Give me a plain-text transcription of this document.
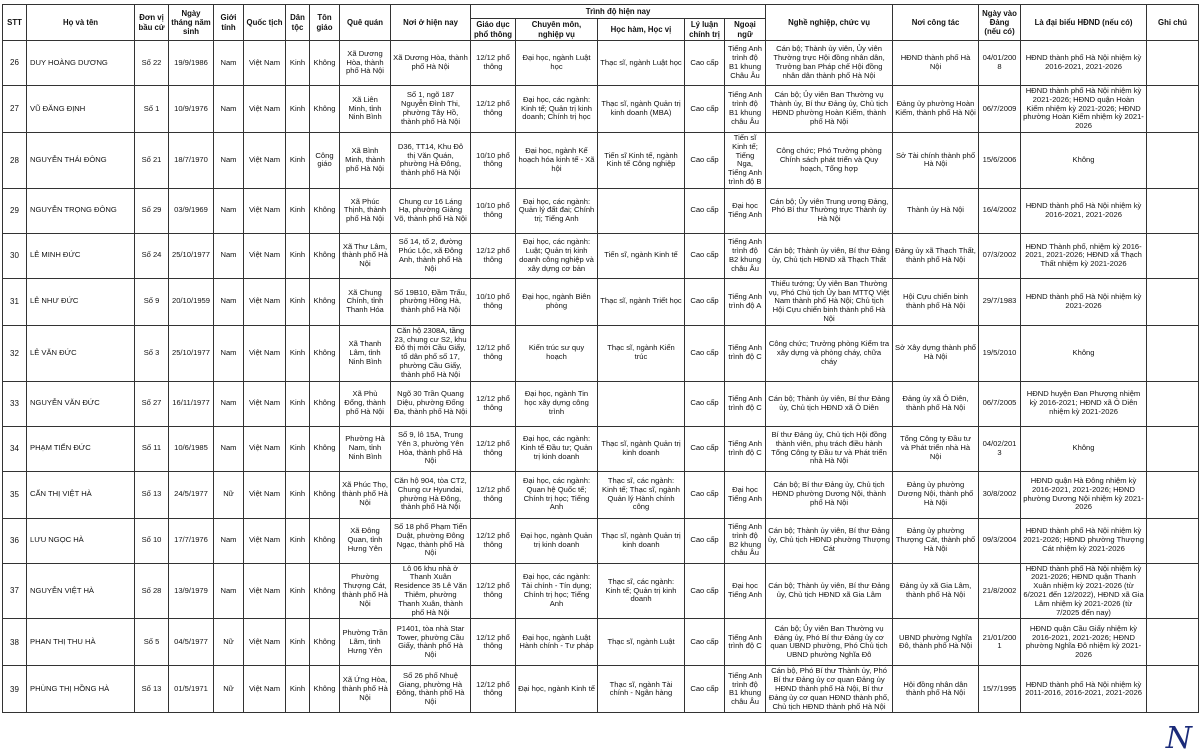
STT	Họ và tên	Đơn vị bầu cử	Ngày tháng năm sinh	Giới tính	Quốc tịch	Dân tộc	Tôn giáo	Quê quán	Nơi ở hiện nay	Trình độ hiện nay					Nghề nghiệp, chức vụ	Nơi công tác	Ngày vào Đảng (nếu có)	Là đại biểu HĐND (nếu có)	Ghi chú
										Giáo dục phổ thông	Chuyên môn, nghiệp vụ	Học hàm, Học vị	Lý luận chính trị	Ngoại ngữ					
26	DUY HOÀNG DƯƠNG	Số 22	19/9/1986	Nam	Việt Nam	Kinh	Không	Xã Dương Hòa, thành phố Hà Nội	Xã Dương Hòa, thành phố Hà Nội	12/12 phổ thông	Đại học, ngành Luật học	Thạc sĩ, ngành Luật học	Cao cấp	Tiếng Anh trình độ B1 khung Châu Âu	Cán bộ; Thành ủy viên, Ủy viên Thường trực Hội đồng nhân dân, Trưởng ban Pháp chế Hội đồng nhân dân thành phố Hà Nội	HĐND thành phố Hà Nội	04/01/2008	HĐND thành phố Hà Nội nhiệm kỳ 2016-2021, 2021-2026	
27	VŨ ĐĂNG ĐỊNH	Số 1	10/9/1976	Nam	Việt Nam	Kinh	Không	Xã Liên Minh, tỉnh Ninh Bình	Số 1, ngõ 187 Nguyễn Đình Thi, phường Tây Hồ, thành phố Hà Nội	12/12 phổ thông	Đại học, các ngành: Kinh tế; Quản trị kinh doanh; Chính trị học	Thạc sĩ, ngành Quản trị kinh doanh (MBA)	Cao cấp	Tiếng Anh trình độ B1 khung châu Âu	Cán bộ; Ủy viên Ban Thường vụ Thành ủy, Bí thư Đảng ủy, Chủ tịch HĐND phường Hoàn Kiếm, thành phố Hà Nội	Đảng ủy phường Hoàn Kiếm, thành phố Hà Nội	06/7/2009	HĐND thành phố Hà Nội nhiệm kỳ 2021-2026; HĐND quận Hoàn Kiếm nhiệm kỳ 2021-2026; HĐND phường Hoàn Kiếm nhiệm kỳ 2021-2026	
28	NGUYỄN THÁI ĐÔNG	Số 21	18/7/1970	Nam	Việt Nam	Kinh	Công giáo	Xã Bình Minh, thành phố Hà Nội	D36, TT14, Khu Đô thị Văn Quán, phường Hà Đông, thành phố Hà Nội	10/10 phổ thông	Đại học, ngành Kế hoạch hóa kinh tế - Xã hội	Tiến sĩ Kinh tế, ngành Kinh tế Công nghiệp	Cao cấp	Tiến sĩ Kinh tế; Tiếng Nga, Tiếng Anh trình độ B	Công chức; Phó Trưởng phòng Chính sách phát triển và Quy hoạch, Tổng hợp	Sở Tài chính thành phố Hà Nội	15/6/2006	Không	
29	NGUYỄN TRỌNG ĐÔNG	Số 29	03/9/1969	Nam	Việt Nam	Kinh	Không	Xã Phúc Thịnh, thành phố Hà Nội	Chung cư 16 Láng Hạ, phường Giảng Võ, thành phố Hà Nội	10/10 phổ thông	Đại học, các ngành: Quản lý đất đai; Chính trị; Tiếng Anh		Cao cấp	Đại học Tiếng Anh	Cán bộ; Ủy viên Trung ương Đảng, Phó Bí thư Thường trực Thành ủy Hà Nội	Thành ủy Hà Nội	16/4/2002	HĐND thành phố Hà Nội nhiệm kỳ 2016-2021, 2021-2026	
30	LÊ MINH ĐỨC	Số 24	25/10/1977	Nam	Việt Nam	Kinh	Không	Xã Thư Lâm, thành phố Hà Nội	Số 14, tổ 2, đường Phúc Lộc, xã Đông Anh, thành phố Hà Nội	12/12 phổ thông	Đại học, các ngành: Luật; Quản trị kinh doanh công nghiệp và xây dựng cơ bản	Tiến sĩ, ngành Kinh tế	Cao cấp	Tiếng Anh trình độ B2 khung châu Âu	Cán bộ; Thành ủy viên, Bí thư Đảng ủy, Chủ tịch HĐND xã Thạch Thất	Đảng ủy xã Thạch Thất, thành phố Hà Nội	07/3/2002	HĐND Thành phố, nhiệm kỳ 2016-2021, 2021-2026; HĐND xã Thạch Thất nhiệm kỳ 2021-2026	
31	LÊ NHƯ ĐỨC	Số 9	20/10/1959	Nam	Việt Nam	Kinh	Không	Xã Chung Chính, tỉnh Thanh Hóa	Số 19B10, Đầm Trấu, phường Hồng Hà, thành phố Hà Nội	10/10 phổ thông	Đại học, ngành Biên phòng	Thạc sĩ, ngành Triết học	Cao cấp	Tiếng Anh trình độ A	Thiếu tướng; Ủy viên Ban Thường vụ, Phó Chủ tịch Ủy ban MTTQ Việt Nam thành phố Hà Nội; Chủ tịch Hội Cựu chiến binh thành phố Hà Nội	Hội Cựu chiến binh thành phố Hà Nội	29/7/1983	HĐND thành phố Hà Nội nhiệm kỳ 2021-2026	
32	LÊ VĂN ĐỨC	Số 3	25/10/1977	Nam	Việt Nam	Kinh	Không	Xã Thanh Lâm, tỉnh Ninh Bình	Căn hộ 2308A, tầng 23, chung cư S2, khu Đô thị mới Cầu Giấy, tổ dân phố số 17, phường Cầu Giấy, thành phố Hà Nội	12/12 phổ thông	Kiến trúc sư quy hoạch	Thạc sĩ, ngành Kiến trúc	Cao cấp	Tiếng Anh trình độ C	Công chức; Trưởng phòng Kiểm tra xây dựng và phòng cháy, chữa cháy	Sở Xây dựng thành phố Hà Nội	19/5/2010	Không	
33	NGUYỄN VĂN ĐỨC	Số 27	16/11/1977	Nam	Việt Nam	Kinh	Không	Xã Phù Đổng, thành phố Hà Nội	Ngõ 30 Trần Quang Diệu, phường Đống Đa, thành phố Hà Nội	12/12 phổ thông	Đại học, ngành Tin học xây dựng công trình		Cao cấp	Tiếng Anh trình độ C	Cán bộ; Thành ủy viên, Bí thư Đảng ủy, Chủ tịch HĐND xã Ô Diên	Đảng ủy xã Ô Diên, thành phố Hà Nội	06/7/2005	HĐND huyện Đan Phượng nhiệm kỳ 2016-2021; HĐND xã Ô Diên nhiệm kỳ 2021-2026	
34	PHẠM TIẾN ĐỨC	Số 11	10/6/1985	Nam	Việt Nam	Kinh	Không	Phường Hà Nam, tỉnh Ninh Bình	Số 9, lô 15A, Trung Yên 3, phường Yên Hòa, thành phố Hà Nội	12/12 phổ thông	Đại học, các ngành: Kinh tế Đầu tư; Quản trị kinh doanh	Thạc sĩ, ngành Quản trị kinh doanh	Cao cấp	Tiếng Anh trình độ C	Bí thư Đảng ủy, Chủ tịch Hội đồng thành viên, phụ trách điều hành Tổng Công ty Đầu tư và Phát triển nhà Hà Nội	Tổng Công ty Đầu tư và Phát triển nhà Hà Nội	04/02/2013	Không	
35	CẤN THỊ VIỆT HÀ	Số 13	24/5/1977	Nữ	Việt Nam	Kinh	Không	Xã Phúc Thọ, thành phố Hà Nội	Căn hộ 904, tòa CT2, Chung cư Hyundai, phường Hà Đông, thành phố Hà Nội	12/12 phổ thông	Đại học, các ngành: Quan hệ Quốc tế; Chính trị học; Tiếng Anh	Thạc sĩ, các ngành: Kinh tế; Thạc sĩ, ngành Quản lý Hành chính công	Cao cấp	Đại học Tiếng Anh	Cán bộ; Bí thư Đảng ủy, Chủ tịch HĐND phường Dương Nội, thành phố Hà Nội	Đảng ủy phường Dương Nội, thành phố Hà Nội	30/8/2002	HĐND quận Hà Đông nhiệm kỳ 2016-2021, 2021-2026; HĐND phường Dương Nội nhiệm kỳ 2021-2026	
36	LƯU NGỌC HÀ	Số 10	17/7/1976	Nam	Việt Nam	Kinh	Không	Xã Đông Quan, tỉnh Hưng Yên	Số 18 phố Phạm Tiến Duật, phường Đông Ngạc, thành phố Hà Nội	12/12 phổ thông	Đại học, ngành Quản trị kinh doanh	Thạc sĩ, ngành Quản trị kinh doanh	Cao cấp	Tiếng Anh trình độ B2 khung châu Âu	Cán bộ; Thành ủy viên, Bí thư Đảng ủy, Chủ tịch HĐND phường Thượng Cát	Đảng ủy phường Thượng Cát, thành phố Hà Nội	09/3/2004	HĐND thành phố Hà Nội nhiệm kỳ 2021-2026; HĐND phường Thượng Cát nhiệm kỳ 2021-2026	
37	NGUYỄN VIỆT HÀ	Số 28	13/9/1979	Nam	Việt Nam	Kinh	Không	Phường Thượng Cát, thành phố Hà Nội	Lô 06 khu nhà ở Thanh Xuân Residence 35 Lê Văn Thiêm, phường Thanh Xuân, thành phố Hà Nội	12/12 phổ thông	Đại học, các ngành: Tài chính - Tín dụng; Chính trị học; Tiếng Anh	Thạc sĩ, các ngành: Kinh tế; Quản trị kinh doanh	Cao cấp	Đại học Tiếng Anh	Cán bộ; Thành ủy viên, Bí thư Đảng ủy, Chủ tịch HĐND xã Gia Lâm	Đảng ủy xã Gia Lâm, thành phố Hà Nội	21/8/2002	HĐND thành phố Hà Nội nhiệm kỳ 2021-2026; HĐND quận Thanh Xuân nhiệm kỳ 2021-2026 (từ 6/2021 đến 12/2022), HĐND xã Gia Lâm nhiệm kỳ 2021-2026 (từ 7/2025 đến nay)	
38	PHAN THỊ THU HÀ	Số 5	04/5/1977	Nữ	Việt Nam	Kinh	Không	Phường Trần Lãm, tỉnh Hưng Yên	P1401, tòa nhà Star Tower, phường Cầu Giấy, thành phố Hà Nội	12/12 phổ thông	Đại học, ngành Luật Hành chính - Tư pháp	Thạc sĩ, ngành Luật	Cao cấp	Tiếng Anh trình độ C	Cán bộ; Ủy viên Ban Thường vụ Đảng ủy, Phó Bí thư Đảng ủy cơ quan UBND phường, Phó Chủ tịch UBND phường Nghĩa Đô	UBND phường Nghĩa Đô, thành phố Hà Nội	21/01/2001	HĐND quận Cầu Giấy nhiệm kỳ 2016-2021, 2021-2026; HĐND phường Nghĩa Đô nhiệm kỳ 2021-2026	
39	PHÙNG THỊ HỒNG HÀ	Số 13	01/5/1971	Nữ	Việt Nam	Kinh	Không	Xã Ứng Hòa, thành phố Hà Nội	Số 26 phố Nhuệ Giang, phường Hà Đông, thành phố Hà Nội	12/12 phổ thông	Đại học, ngành Kinh tế	Thạc sĩ, ngành Tài chính - Ngân hàng	Cao cấp	Tiếng Anh trình độ B1 khung châu Âu	Cán bộ, Phó Bí thư Thành ủy, Phó Bí thư Đảng ủy cơ quan Đảng ủy HĐND thành phố Hà Nội, Bí thư Đảng ủy cơ quan HĐND thành phố, Chủ tịch HĐND thành phố Hà Nội	Hội đồng nhân dân thành phố Hà Nội	15/7/1995	HĐND thành phố Hà Nội nhiệm kỳ 2011-2016, 2016-2021, 2021-2026	
N
